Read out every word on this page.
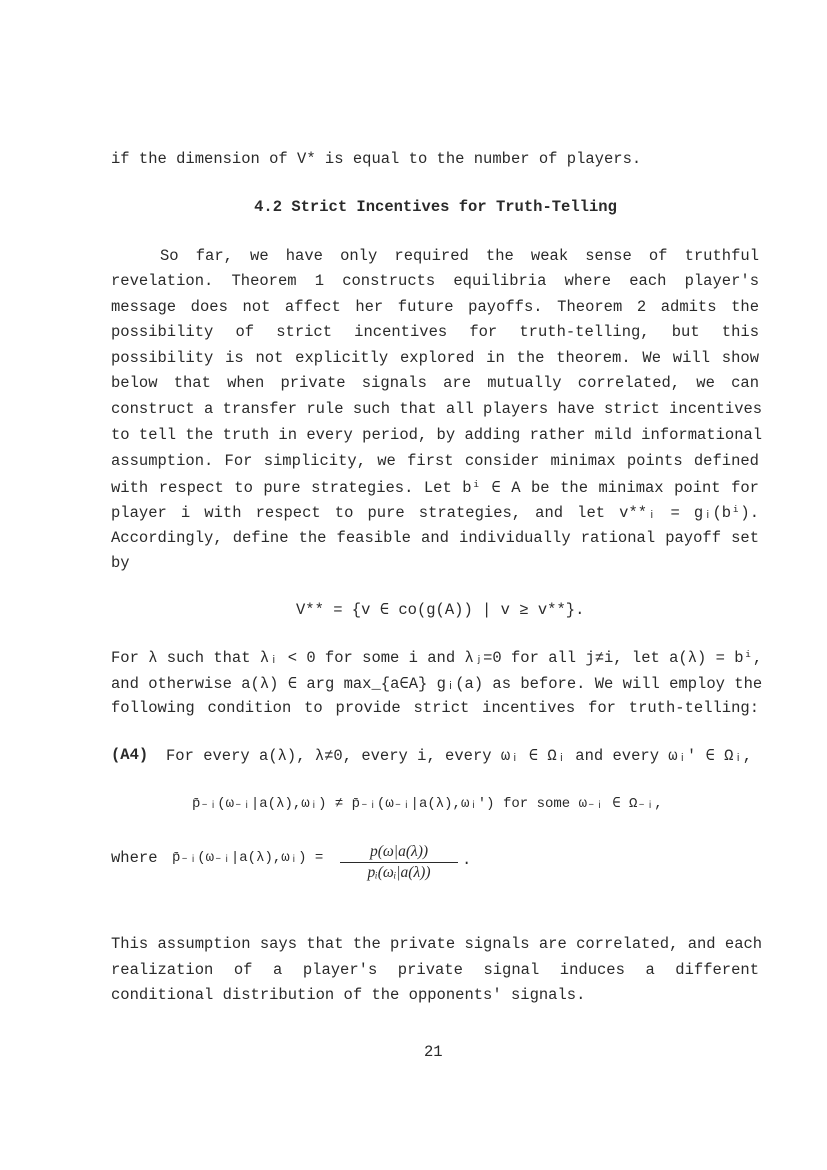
if the dimension of V* is equal to the number of players.
4.2 Strict Incentives for Truth-Telling
So far, we have only required the weak sense of truthful
revelation. Theorem 1 constructs equilibria where each player's
message does not affect her future payoffs. Theorem 2 admits the
possibility of strict incentives for truth-telling, but this
possibility is not explicitly explored in the theorem. We will show
below that when private signals are mutually correlated, we can
construct a transfer rule such that all players have strict incentives
to tell the truth in every period, by adding rather mild informational
assumption. For simplicity, we first consider minimax points defined
with respect to pure strategies. Let bⁱ ∈ A be the minimax point for
player i with respect to pure strategies, and let v**ᵢ = gᵢ(bⁱ).
Accordingly, define the feasible and individually rational payoff set
by
V** = {v ∈ co(g(A)) | v ≥ v**}.
For λ such that λᵢ < 0 for some i and λⱼ=0 for all j≠i, let a(λ) = bⁱ,
and otherwise a(λ) ∈ arg max_{a∈A} gᵢ(a) as before. We will employ the
following condition to provide strict incentives for truth-telling:
(A4) For every a(λ), λ≠0, every i, every ωᵢ ∈ Ωᵢ and every ωᵢ' ∈ Ωᵢ,
p̄₋ᵢ(ω₋ᵢ|a(λ),ωᵢ) ≠ p̄₋ᵢ(ω₋ᵢ|a(λ),ωᵢ') for some ω₋ᵢ ∈ Ω₋ᵢ,
where p̄₋ᵢ(ω₋ᵢ|a(λ),ωᵢ) = $\frac{p(\omega|a(\lambda))}{\text{pᵢ(ωᵢ|a(λ))}}$ .
This assumption says that the private signals are correlated, and each
realization of a player's private signal induces a different
conditional distribution of the opponents' signals.
21
